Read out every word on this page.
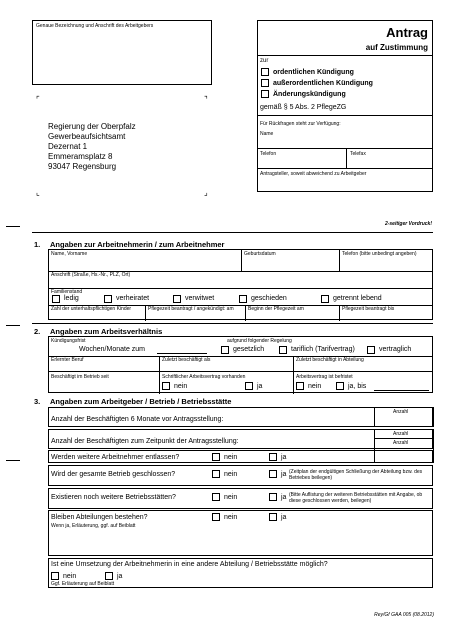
Genaue Bezeichnung und Anschrift des Arbeitgebers
⌜	⌝
⌞	⌟
Regierung der Oberpfalz
Gewerbeaufsichtsamt
Dezernat 1
Emmeramsplatz 8
93047 Regensburg
Antrag
auf Zustimmung
zur
ordentlichen Kündigung
außerordentlichen Kündigung
Änderungskündigung
gemäß § 5 Abs. 2 PflegeZG
Für Rückfragen steht zur Verfügung:
Name
Telefon	Telefax
Antragsteller, soweit abweichend zu Arbeitgeber
2-seitiger Vordruck!
1. Angaben zur Arbeitnehmerin / zum Arbeitnehmer
Name, Vorname	Geburtsdatum	Telefon (bitte unbedingt angeben)
Anschrift (Straße, Hs.-Nr., PLZ, Ort)
Familienstand
ledig	verheiratet	verwitwet	geschieden	getrennt lebend
Zahl der unterhaltspflichtigen Kinder	Pflegezeit beantragt / angekündigt: am	Beginn der Pflegezeit am	Pflegezeit beantragt bis
2. Angaben zum Arbeitsverhältnis
Kündigungsfrist	aufgrund folgender Regelung
Wochen/Monate zum	gesetzlich	tariflich (Tarifvertrag)	vertraglich
Erlernter Beruf	Zuletzt beschäftigt als	Zuletzt beschäftigt in Abteilung
Beschäftigt im Betrieb seit	Schriftlicher Arbeitsvertrag vorhanden
nein	ja
Arbeitsvertrag ist befristet
nein	ja, bis
3. Angaben zum Arbeitgeber / Betrieb / Betriebsstätte
Anzahl der Beschäftigten 6 Monate vor Antragsstellung:
Anzahl
Anzahl der Beschäftigten zum Zeitpunkt der Antragsstellung:
Anzahl
Werden weitere Arbeitnehmer entlassen?	nein	ja
Anzahl
Wird der gesamte Betrieb geschlossen?	nein	ja (Zeitplan der endgültigen Schließung der Abteilung bzw. des Betriebes beilegen)
Existieren noch weitere Betriebsstätten?	nein	ja (Bitte Auflistung der weiteren Betriebsstätten mit Angabe, ob diese geschlossen werden, beilegen)
Bleiben Abteilungen bestehen?	nein	ja
Wenn ja, Erläuterung, ggf. auf Beiblatt
Ist eine Umsetzung der Arbeitnehmerin in eine andere Abteilung / Betriebsstätte möglich?
nein	ja
Ggf. Erläuterung auf Beiblatt
Rey/Gf GAA 005 (08.2012)
